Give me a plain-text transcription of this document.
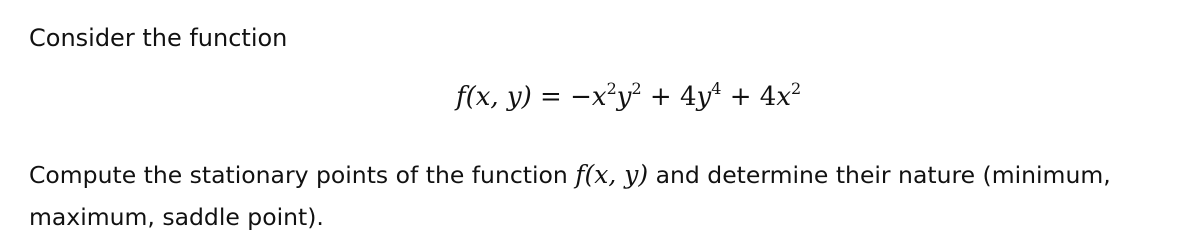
Consider the function
f(x, $y) = -x^2y^2 + 4y^4 + 4x^2$
Compute the stationary points of the function f(x, y) and determine their nature (minimum, maximum, saddle point).
